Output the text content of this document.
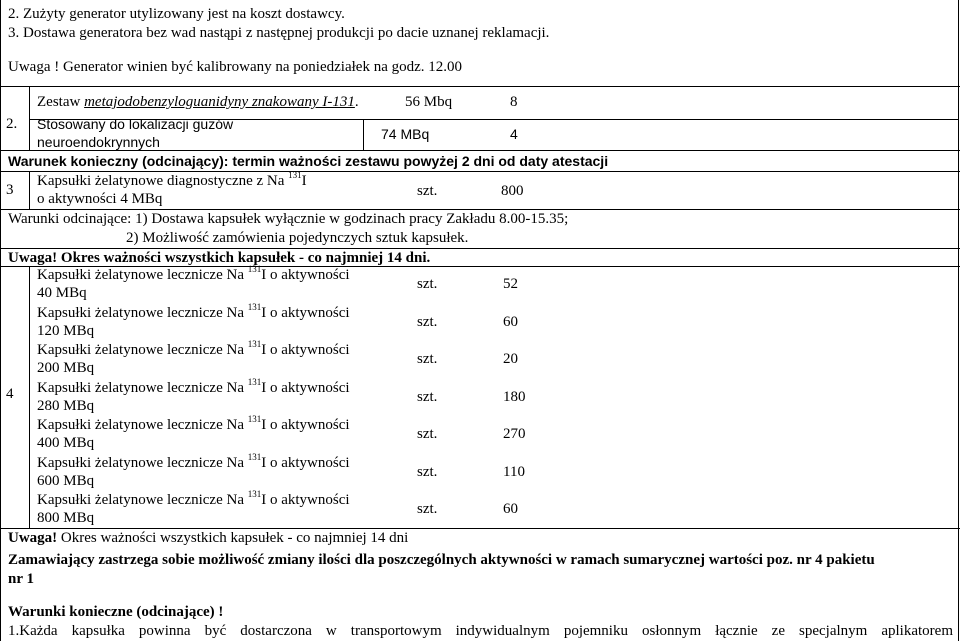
2. Zużyty generator utylizowany jest na koszt dostawcy.
3. Dostawa generatora bez wad nastąpi z następnej produkcji po dacie uznanej reklamacji.
Uwaga ! Generator winien być kalibrowany na poniedziałek na godz. 12.00
2.
Zestaw metajodobenzyloguanidyny znakowany I-131.	56 Mbq	8
Stosowany do lokalizacji guzów
neuroendokrynnych	74 MBq	4
Warunek konieczny (odcinający): termin ważności zestawu powyżej 2 dni od daty atestacji
3
Kapsułki żelatynowe diagnostyczne z Na $^{131}$I
o aktywności 4 MBq	szt.	800
Warunki odcinające: 1) Dostawa kapsułek wyłącznie w godzinach pracy Zakładu 8.00-15.35;
2) Możliwość zamówienia pojedynczych sztuk kapsułek.
Uwaga! Okres ważności wszystkich kapsułek - co najmniej 14 dni.
4
Kapsułki żelatynowe lecznicze Na $^{131}$I o aktywności
40 MBq
szt.	52
Kapsułki żelatynowe lecznicze Na $^{131}$I o aktywności
120 MBq
szt.	60
Kapsułki żelatynowe lecznicze Na $^{131}$I o aktywności
200 MBq
szt.	20
Kapsułki żelatynowe lecznicze Na $^{131}$I o aktywności
280 MBq
szt.	180
Kapsułki żelatynowe lecznicze Na $^{131}$I o aktywności
400 MBq
szt.	270
Kapsułki żelatynowe lecznicze Na $^{131}$I o aktywności
600 MBq
szt.	110
Kapsułki żelatynowe lecznicze Na $^{131}$I o aktywności
800 MBq
szt.	60
Uwaga! Okres ważności wszystkich kapsułek - co najmniej 14 dni
Zamawiający zastrzega sobie możliwość zmiany ilości dla poszczególnych aktywności w ramach sumarycznej wartości poz. nr 4 pakietu
nr 1
Warunki konieczne (odcinające) !
1.Każda kapsułka powinna być dostarczona w transportowym indywidualnym pojemniku osłonnym łącznie ze specjalnym aplikatorem
